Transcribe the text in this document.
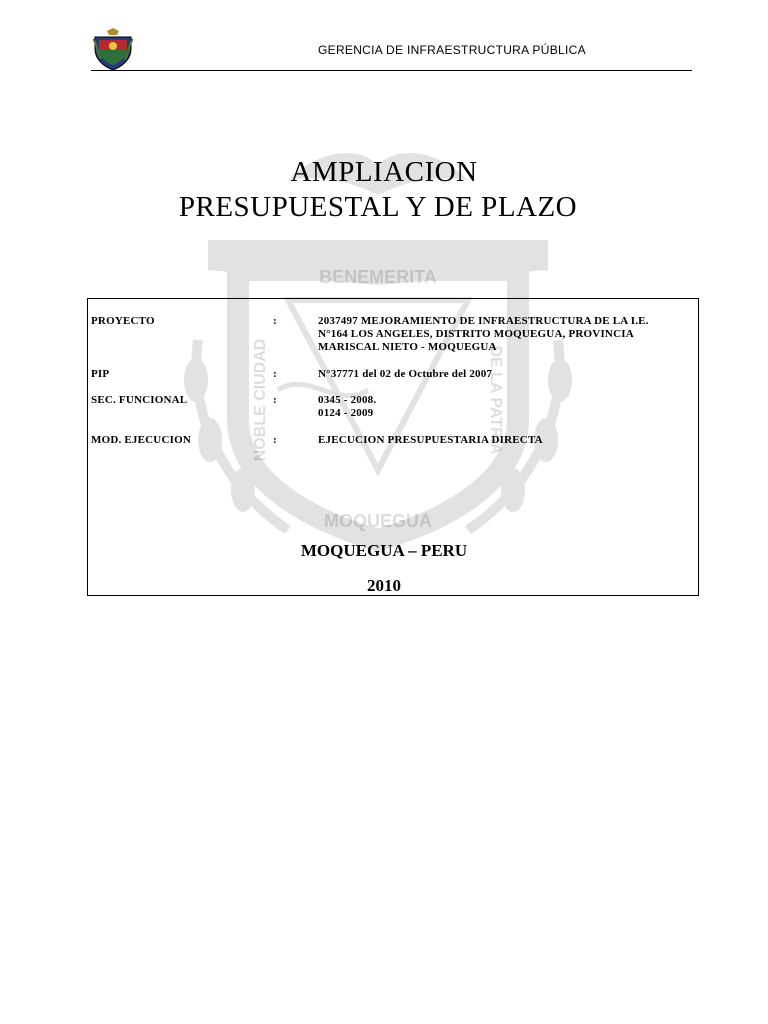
GERENCIA DE INFRAESTRUCTURA PÚBLICA
BENEMERITA
NOBLE CIUDAD	DE LA PATRIA
MOQUEGUA
AMPLIACION
PRESUPUESTAL Y DE PLAZO
PROYECTO	:	2037497 MEJORAMIENTO DE INFRAESTRUCTURA DE LA I.E.
N°164 LOS ANGELES, DISTRITO MOQUEGUA, PROVINCIA
MARISCAL NIETO - MOQUEGUA
PIP	:	N°37771 del 02 de Octubre del 2007
SEC. FUNCIONAL	:	0345 - 2008.
0124 - 2009
MOD. EJECUCION	:	EJECUCION PRESUPUESTARIA DIRECTA
MOQUEGUA – PERU
2010
